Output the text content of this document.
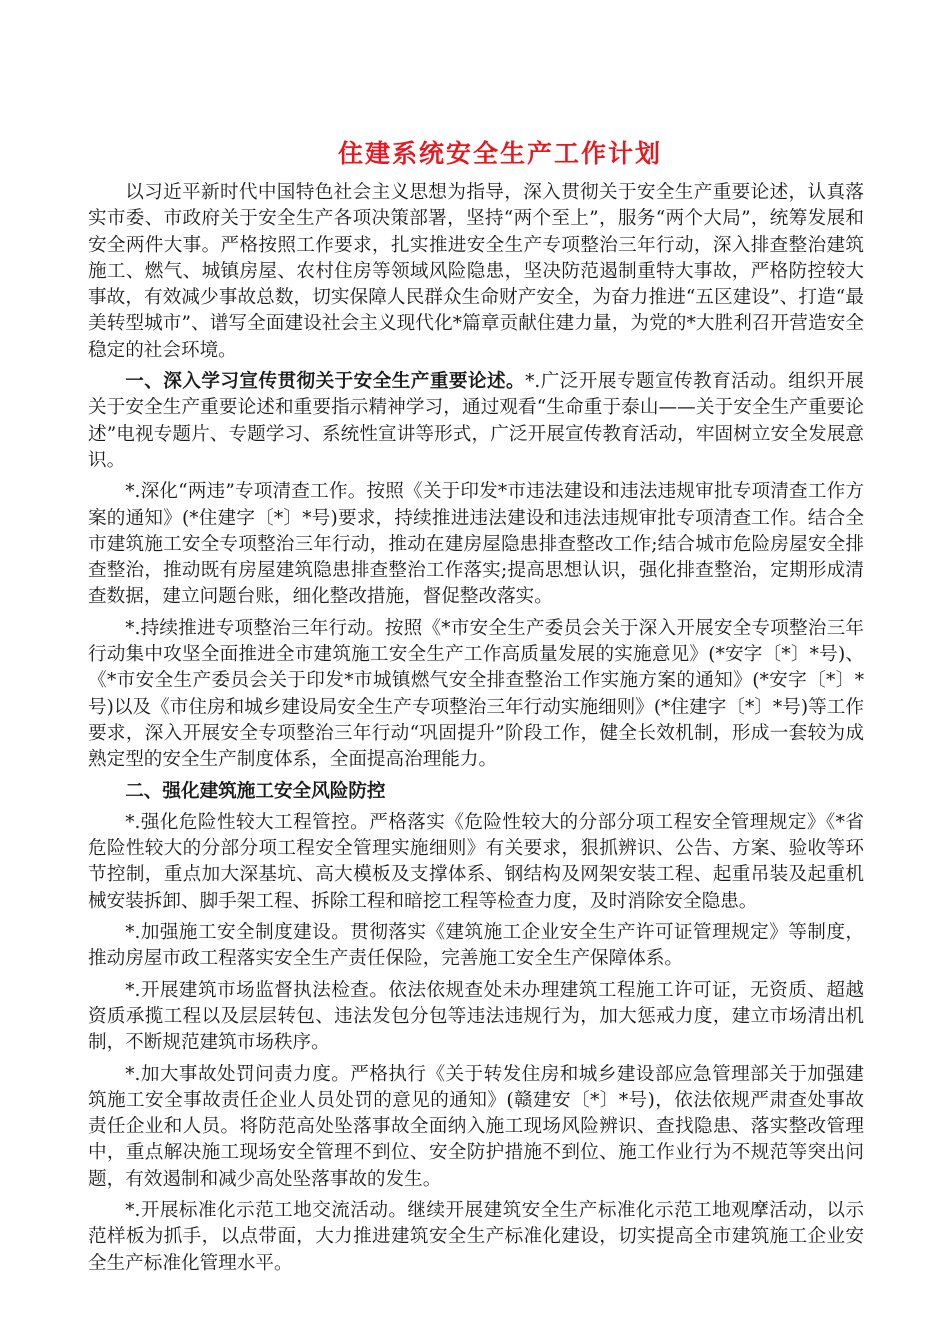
住建系统安全生产工作计划

以习近平新时代中国特色社会主义思想为指导，深入贯彻关于安全生产重要论述，认真落实市委、市政府关于安全生产各项决策部署，坚持“两个至上”，服务“两个大局”，统筹发展和安全两件大事。严格按照工作要求，扎实推进安全生产专项整治三年行动，深入排查整治建筑施工、燃气、城镇房屋、农村住房等领域风险隐患，坚决防范遏制重特大事故，严格防控较大事故，有效减少事故总数，切实保障人民群众生命财产安全，为奋力推进“五区建设”、打造“最美转型城市”、谱写全面建设社会主义现代化*篇章贡献住建力量，为党的*大胜利召开营造安全稳定的社会环境。

一、深入学习宣传贯彻关于安全生产重要论述。*.广泛开展专题宣传教育活动。组织开展关于安全生产重要论述和重要指示精神学习，通过观看“生命重于泰山——关于安全生产重要论述”电视专题片、专题学习、系统性宣讲等形式，广泛开展宣传教育活动，牢固树立安全发展意识。

*.深化“两违”专项清查工作。按照《关于印发*市违法建设和违法违规审批专项清查工作方案的通知》(*住建字〔*〕*号)要求，持续推进违法建设和违法违规审批专项清查工作。结合全市建筑施工安全专项整治三年行动，推动在建房屋隐患排查整改工作;结合城市危险房屋安全排查整治，推动既有房屋建筑隐患排查整治工作落实;提高思想认识，强化排查整治，定期形成清查数据，建立问题台账，细化整改措施，督促整改落实。

*.持续推进专项整治三年行动。按照《*市安全生产委员会关于深入开展安全专项整治三年行动集中攻坚全面推进全市建筑施工安全生产工作高质量发展的实施意见》(*安字〔*〕*号)、《*市安全生产委员会关于印发*市城镇燃气安全排查整治工作实施方案的通知》(*安字〔*〕*号)以及《市住房和城乡建设局安全生产专项整治三年行动实施细则》(*住建字〔*〕*号)等工作要求，深入开展安全专项整治三年行动“巩固提升”阶段工作，健全长效机制，形成一套较为成熟定型的安全生产制度体系，全面提高治理能力。

二、强化建筑施工安全风险防控

*.强化危险性较大工程管控。严格落实《危险性较大的分部分项工程安全管理规定》《*省危险性较大的分部分项工程安全管理实施细则》有关要求，狠抓辨识、公告、方案、验收等环节控制，重点加大深基坑、高大模板及支撑体系、钢结构及网架安装工程、起重吊装及起重机械安装拆卸、脚手架工程、拆除工程和暗挖工程等检查力度，及时消除安全隐患。

*.加强施工安全制度建设。贯彻落实《建筑施工企业安全生产许可证管理规定》等制度，推动房屋市政工程落实安全生产责任保险，完善施工安全生产保障体系。

*.开展建筑市场监督执法检查。依法依规查处未办理建筑工程施工许可证，无资质、超越资质承揽工程以及层层转包、违法发包分包等违法违规行为，加大惩戒力度，建立市场清出机制，不断规范建筑市场秩序。

*.加大事故处罚问责力度。严格执行《关于转发住房和城乡建设部应急管理部关于加强建筑施工安全事故责任企业人员处罚的意见的通知》(赣建安〔*〕*号)，依法依规严肃查处事故责任企业和人员。将防范高处坠落事故全面纳入施工现场风险辨识、查找隐患、落实整改管理中，重点解决施工现场安全管理不到位、安全防护措施不到位、施工作业行为不规范等突出问题，有效遏制和减少高处坠落事故的发生。

*.开展标准化示范工地交流活动。继续开展建筑安全生产标准化示范工地观摩活动，以示范样板为抓手，以点带面，大力推进建筑安全生产标准化建设，切实提高全市建筑施工企业安全生产标准化管理水平。
